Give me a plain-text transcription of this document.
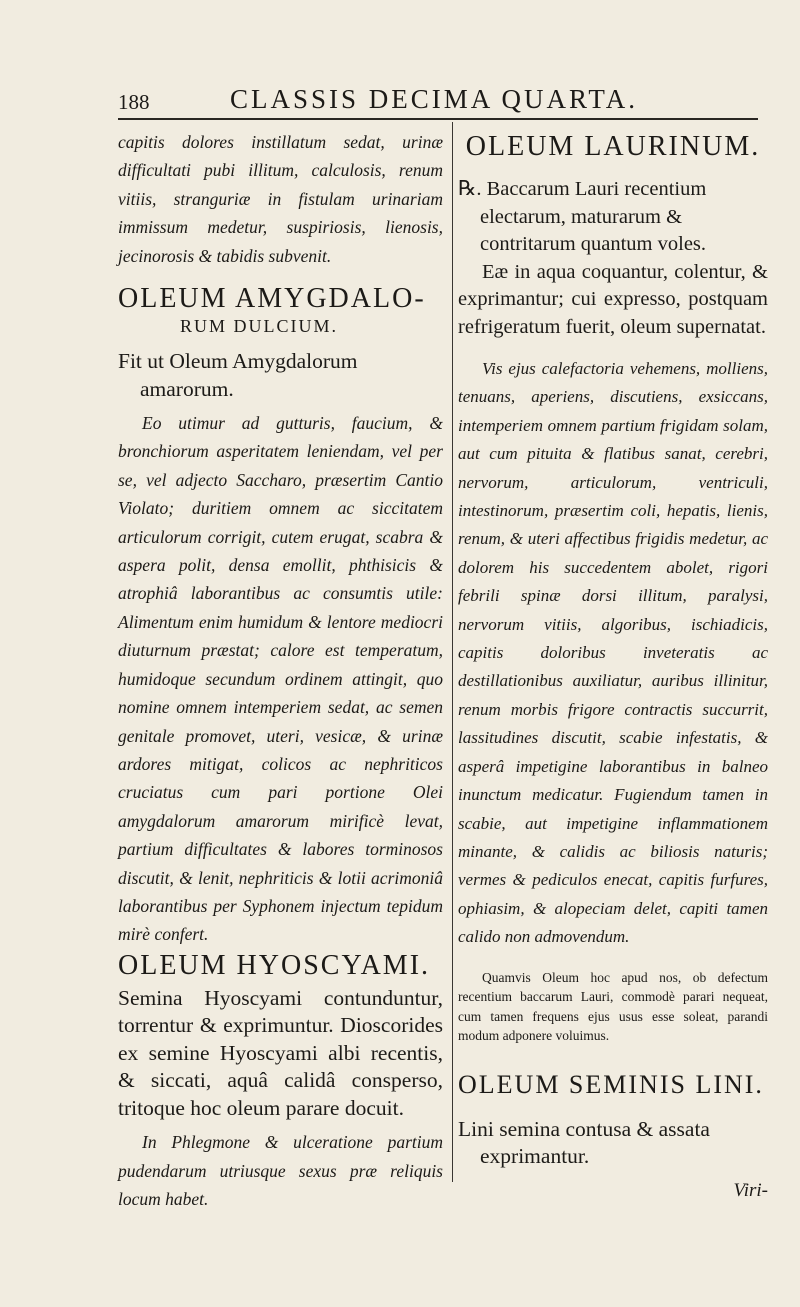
188	CLASSIS DECIMA QUARTA.

capitis dolores instillatum sedat, urinæ difficultati pubi illitum, calculosis, renum vitiis, stranguriæ in fistulam urinariam immissum medetur, suspiriosis, lienosis, jecinorosis & tabidis subvenit.

OLEUM AMYGDALO-

RUM DULCIUM.

Fit ut Oleum Amygdalorum amarorum.

Eo utimur ad gutturis, faucium, & bronchiorum asperitatem leniendam, vel per se, vel adjecto Saccharo, præsertim Cantio Violato; duritiem omnem ac siccitatem articulorum corrigit, cutem erugat, scabra & aspera polit, densa emollit, phthisicis & atrophiâ laborantibus ac consumtis utile: Alimentum enim humidum & lentore mediocri diuturnum præstat; calore est temperatum, humidoque secundum ordinem attingit, quo nomine omnem intemperiem sedat, ac semen genitale promovet, uteri, vesicæ, & urinæ ardores mitigat, colicos ac nephriticos cruciatus cum pari portione Olei amygdalorum amarorum mirificè levat, partium difficultates & labores torminosos discutit, & lenit, nephriticis & lotii acrimoniâ laborantibus per Syphonem injectum tepidum mirè confert.

OLEUM HYOSCYAMI.

Semina Hyoscyami contunduntur, torrentur & exprimuntur. Dioscorides ex semine Hyoscyami albi recentis, & siccati, aquâ calidâ consperso, tritoque hoc oleum parare docuit.

In Phlegmone & ulceratione partium pudendarum utriusque sexus præ reliquis locum habet.

OLEUM LAURINUM.

℞. Baccarum Lauri recentium electarum, maturarum & contritarum quantum voles.

Eæ in aqua coquantur, colentur, & exprimantur; cui expresso, postquam refrigeratum fuerit, oleum supernatat.

Vis ejus calefactoria vehemens, molliens, tenuans, aperiens, discutiens, exsiccans, intemperiem omnem partium frigidam solam, aut cum pituita & flatibus sanat, cerebri, nervorum, articulorum, ventriculi, intestinorum, præsertim coli, hepatis, lienis, renum, & uteri affectibus frigidis medetur, ac dolorem his succedentem abolet, rigori febrili spinæ dorsi illitum, paralysi, nervorum vitiis, algoribus, ischiadicis, capitis doloribus inveteratis ac destillationibus auxiliatur, auribus illinitur, renum morbis frigore contractis succurrit, lassitudines discutit, scabie infestatis, & asperâ impetigine laborantibus in balneo inunctum medicatur. Fugiendum tamen in scabie, aut impetigine inflammationem minante, & calidis ac biliosis naturis; vermes & pediculos enecat, capitis furfures, ophiasim, & alopeciam delet, capiti tamen calido non admovendum.

Quamvis Oleum hoc apud nos, ob defectum recentium baccarum Lauri, commodè parari nequeat, cum tamen frequens ejus usus esse soleat, parandi modum adponere voluimus.

OLEUM SEMINIS LINI.

Lini semina contusa & assata exprimantur.

Viri-
